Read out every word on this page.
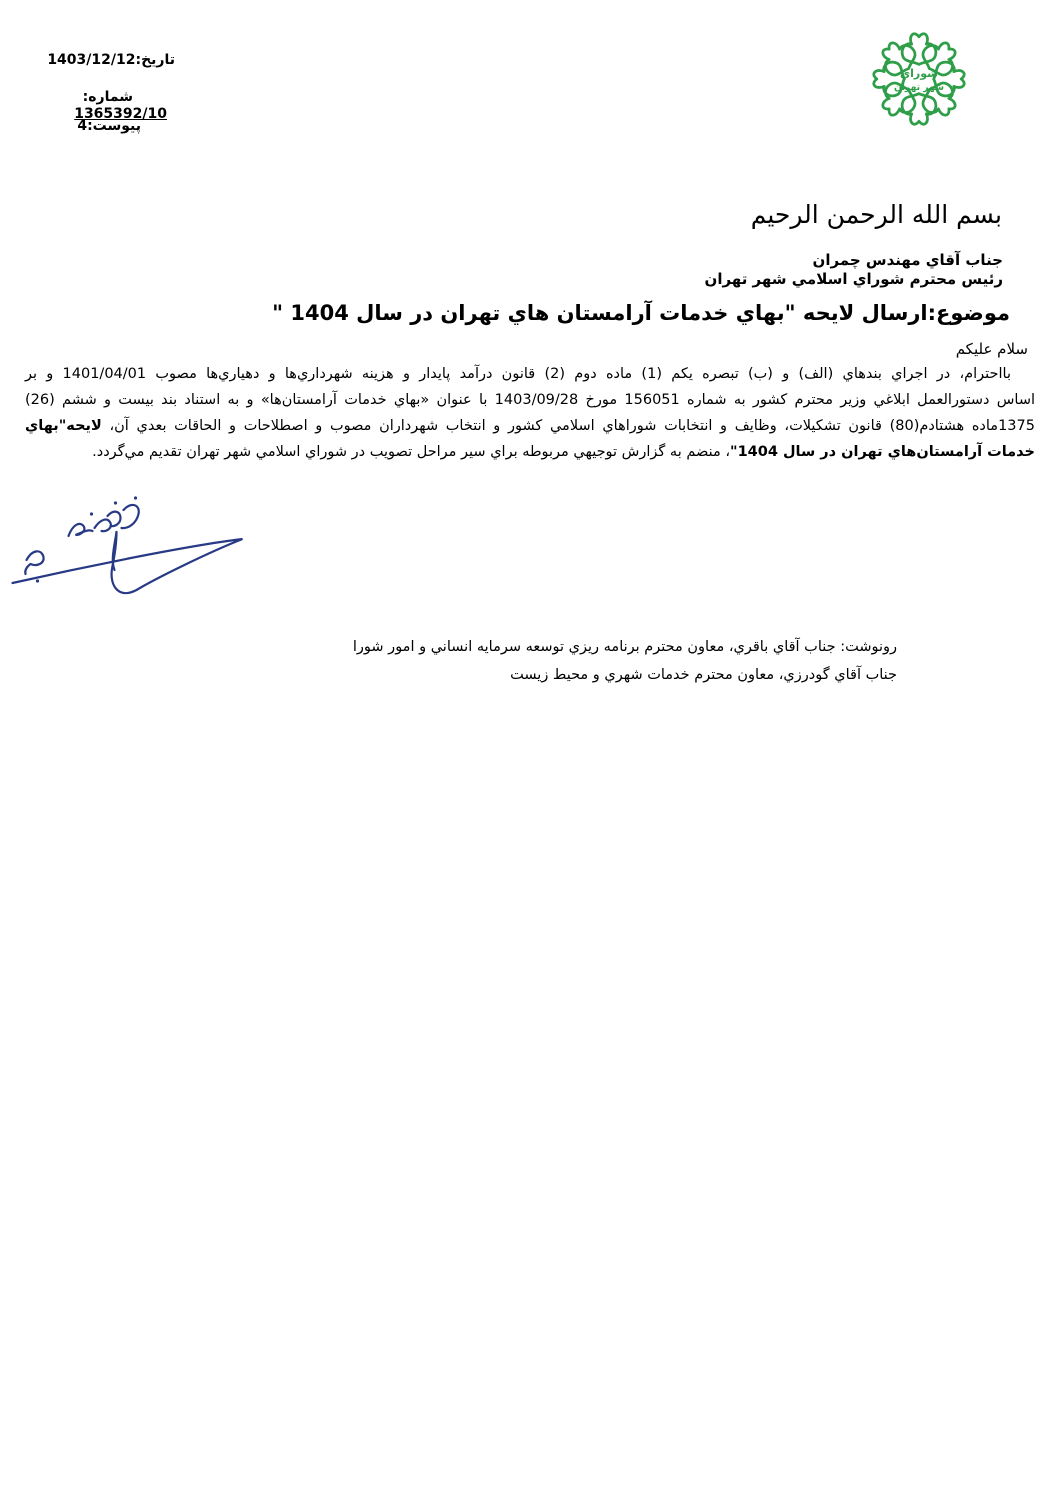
تاریخ:1403/12/12
شماره:
1365392/10
پیوست:4
شوراي
شهر تهران
بسم الله الرحمن الرحیم
جناب آقاي مهندس چمران
رئیس محترم شوراي اسلامي شهر تهران
موضوع:ارسال لایحه "بهاي خدمات آرامستان هاي تهران در سال 1404 "
سلام علیکم
بااحترام، در اجراي بندهاي (الف) و (ب) تبصره یكم (1) ماده دوم (2) قانون درآمد پایدار و هزینه شهرداري‌ها و دهیاري‌ها مصوب 1401/04/01 و بر
اساس دستورالعمل ابلاغي وزیر محترم كشور به شماره 156051 مورخ 1403/09/28 با عنوان «بهاي خدمات آرامستان‌ها» و به استناد بند بیست و ششم (26)
1375ماده هشتادم(80) قانون تشكیلات، وظایف و انتخابات شوراهاي اسلامي كشور و انتخاب شهرداران مصوب و اصطلاحات و الحاقات بعدي آن، لایحه"بهاي
خدمات آرامستان‌هاي تهران در سال 1404"، منضم به گزارش توجیهي مربوطه براي سیر مراحل تصویب در شوراي اسلامي شهر تهران تقدیم مي‌گردد.
رونوشت: جناب آقاي باقري، معاون محترم برنامه ریزي توسعه سرمایه انساني و امور شورا
جناب آقاي گودرزي، معاون محترم خدمات شهري و محیط زیست
